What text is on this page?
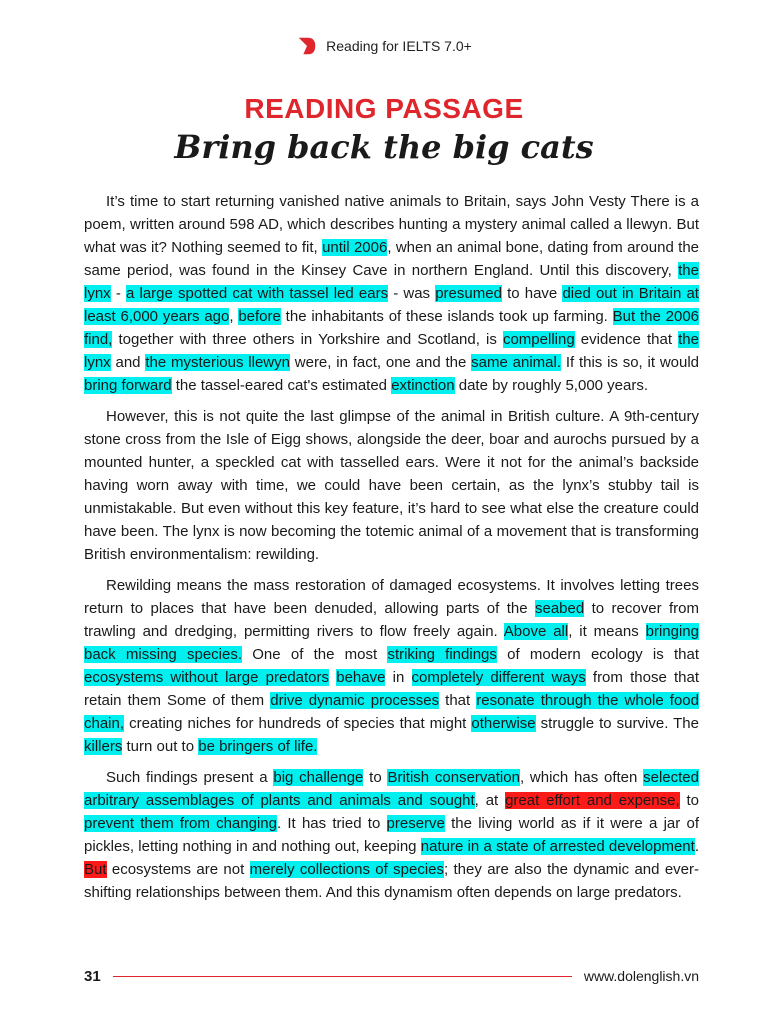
Reading for IELTS 7.0+
READING PASSAGE
Bring back the big cats

It’s time to start returning vanished native animals to Britain, says John Vesty There is a poem, written around 598 AD, which describes hunting a mystery animal called a llewyn. But what was it? Nothing seemed to fit, until 2006, when an animal bone, dating from around the same period, was found in the Kinsey Cave in northern England. Until this discovery, the lynx - a large spotted cat with tassel led ears - was presumed to have died out in Britain at least 6,000 years ago, before the inhabitants of these islands took up farming. But the 2006 find, together with three others in Yorkshire and Scotland, is compelling evidence that the lynx and the mysterious llewyn were, in fact, one and the same animal. If this is so, it would bring forward the tassel-eared cat's estimated extinction date by roughly 5,000 years.

However, this is not quite the last glimpse of the animal in British culture. A 9th-century stone cross from the Isle of Eigg shows, alongside the deer, boar and aurochs pursued by a mounted hunter, a speckled cat with tasselled ears. Were it not for the animal’s backside having worn away with time, we could have been certain, as the lynx’s stubby tail is unmistakable. But even without this key feature, it’s hard to see what else the creature could have been. The lynx is now becoming the totemic animal of a movement that is transforming British environmentalism: rewilding.

Rewilding means the mass restoration of damaged ecosystems. It involves letting trees return to places that have been denuded, allowing parts of the seabed to recover from trawling and dredging, permitting rivers to flow freely again. Above all, it means bringing back missing species. One of the most striking findings of modern ecology is that ecosystems without large predators behave in completely different ways from those that retain them Some of them drive dynamic processes that resonate through the whole food chain, creating niches for hundreds of species that might otherwise struggle to survive. The killers turn out to be bringers of life.

Such findings present a big challenge to British conservation, which has often selected arbitrary assemblages of plants and animals and sought, at great effort and expense, to prevent them from changing. It has tried to preserve the living world as if it were a jar of pickles, letting nothing in and nothing out, keeping nature in a state of arrested development. But ecosystems are not merely collections of species; they are also the dynamic and ever-shifting relationships between them. And this dynamism often depends on large predators.

31	www.dolenglish.vn
